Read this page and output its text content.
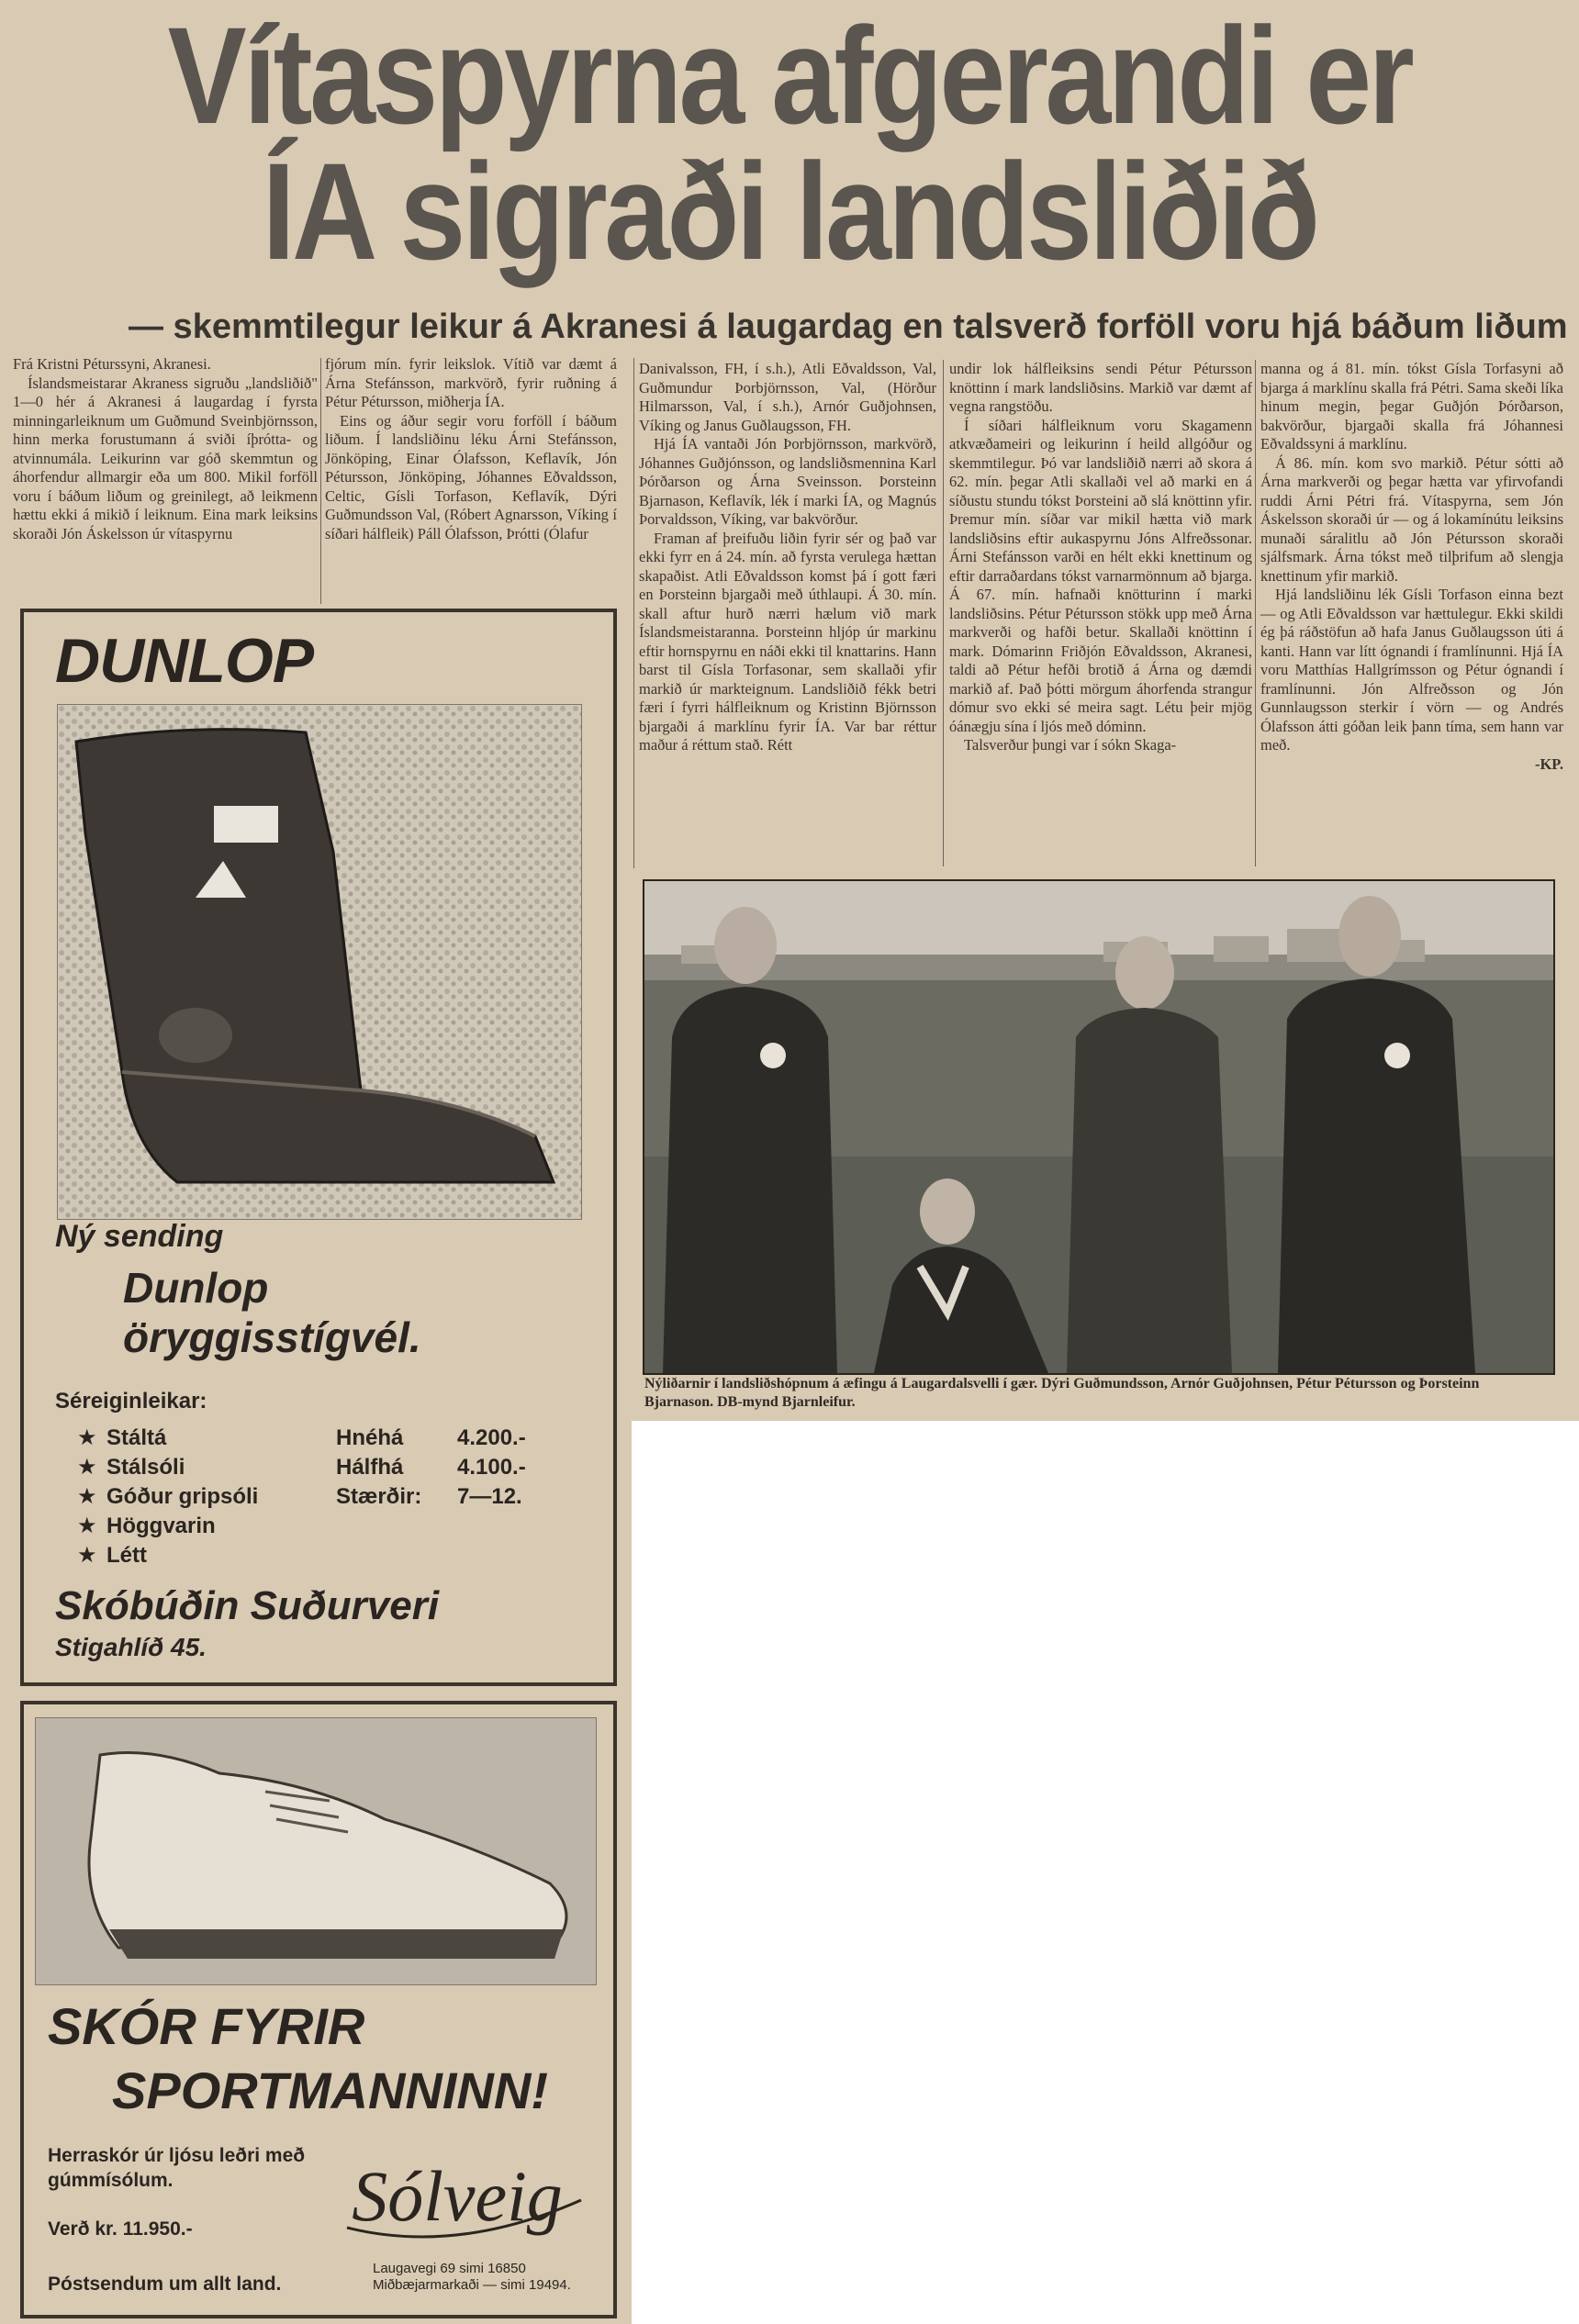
Vítaspyrna afgerandi er
ÍA sigraði landsliðið
— skemmtilegur leikur á Akranesi á laugardag en talsverð forföll voru hjá báðum liðum

Frá Kristni Péturssyni, Akranesi.

Íslandsmeistarar Akraness sigruðu „landsliðið" 1—0 hér á Akranesi á laugardag í fyrsta minningarleiknum um Guðmund Sveinbjörnsson, hinn merka forustumann á sviði íþrótta- og atvinnumála. Leikurinn var góð skemmtun og áhorfendur allmargir eða um 800. Mikil forföll voru í báðum liðum og greinilegt, að leikmenn hættu ekki á mikið í leiknum. Eina mark leiksins skoraði Jón Áskelsson úr vítaspyrnu

fjórum mín. fyrir leikslok. Vítið var dæmt á Árna Stefánsson, markvörð, fyrir ruðning á Pétur Pétursson, miðherja ÍA.

Eins og áður segir voru forföll í báðum liðum. Í landsliðinu léku Árni Stefánsson, Jönköping, Einar Ólafsson, Keflavík, Jón Pétursson, Jönköping, Jóhannes Eðvaldsson, Celtic, Gísli Torfason, Keflavík, Dýri Guðmundsson Val, (Róbert Agnarsson, Víking í síðari hálfleik) Páll Ólafsson, Þrótti (Ólafur

Danivalsson, FH, í s.h.), Atli Eðvaldsson, Val, Guðmundur Þorbjörnsson, Val, (Hörður Hilmarsson, Val, í s.h.), Arnór Guðjohnsen, Víking og Janus Guðlaugsson, FH.

Hjá ÍA vantaði Jón Þorbjörnsson, markvörð, Jóhannes Guðjónsson, og landsliðsmennina Karl Þórðarson og Árna Sveinsson. Þorsteinn Bjarnason, Keflavík, lék í marki ÍA, og Magnús Þorvaldsson, Víking, var bakvörður.

Framan af þreifuðu liðin fyrir sér og það var ekki fyrr en á 24. mín. að fyrsta verulega hættan skapaðist. Atli Eðvaldsson komst þá í gott færi en Þorsteinn bjargaði með úthlaupi. Á 30. mín. skall aftur hurð nærri hælum við mark Íslandsmeistaranna. Þorsteinn hljóp úr markinu eftir hornspyrnu en náði ekki til knattarins. Hann barst til Gísla Torfasonar, sem skallaði yfir markið úr markteignum. Landsliðið fékk betri færi í fyrri hálfleiknum og Kristinn Björnsson bjargaði á marklínu fyrir ÍA. Var bar réttur maður á réttum stað. Rétt

undir lok hálfleiksins sendi Pétur Pétursson knöttinn í mark landsliðsins. Markið var dæmt af vegna rangstöðu.

Í síðari hálfleiknum voru Skagamenn atkvæðameiri og leikurinn í heild allgóður og skemmtilegur. Þó var landsliðið nærri að skora á 62. mín. þegar Atli skallaði vel að marki en á síðustu stundu tókst Þorsteini að slá knöttinn yfir. Þremur mín. síðar var mikil hætta við mark landsliðsins eftir aukaspyrnu Jóns Alfreðssonar. Árni Stefánsson varði en hélt ekki knettinum og eftir darraðardans tókst varnarmönnum að bjarga. Á 67. mín. hafnaði knötturinn í marki landsliðsins. Pétur Pétursson stökk upp með Árna markverði og hafði betur. Skallaði knöttinn í mark. Dómarinn Friðjón Eðvaldsson, Akranesi, taldi að Pétur hefði brotið á Árna og dæmdi markið af. Það þótti mörgum áhorfenda strangur dómur svo ekki sé meira sagt. Létu þeir mjög óánægju sína í ljós með dóminn.

Talsverður þungi var í sókn Skaga-

manna og á 81. mín. tókst Gísla Torfasyni að bjarga á marklínu skalla frá Pétri. Sama skeði líka hinum megin, þegar Guðjón Þórðarson, bakvörður, bjargaði skalla frá Jóhannesi Eðvaldssyni á marklínu.

Á 86. mín. kom svo markið. Pétur sótti að Árna markverði og þegar hætta var yfirvofandi ruddi Árni Pétri frá. Vítaspyrna, sem Jón Áskelsson skoraði úr — og á lokamínútu leiksins munaði sáralitlu að Jón Pétursson skoraði sjálfsmark. Árna tókst með tilþrifum að slengja knettinum yfir markið.

Hjá landsliðinu lék Gísli Torfason einna bezt — og Atli Eðvaldsson var hættulegur. Ekki skildi ég þá ráðstöfun að hafa Janus Guðlaugsson úti á kanti. Hann var lítt ógnandi í framlínunni. Hjá ÍA voru Matthías Hallgrímsson og Pétur ógnandi í framlínunni. Jón Alfreðsson og Jón Gunnlaugsson sterkir í vörn — og Andrés Ólafsson átti góðan leik þann tíma, sem hann var með.

-KP.

Nýliðarnir í landsliðshópnum á æfingu á Laugardalsvelli í gær. Dýri Guðmundsson, Arnór Guðjohnsen, Pétur Pétursson og Þorsteinn Bjarnason. DB-mynd Bjarnleifur.
DUNLOP
Ný sending
Dunlop
öryggisstígvél.
Séreiginleikar:
★ Stáltá
★ Stálsóli
★ Góður gripsóli
★ Höggvarin
★ Létt
Hnéhá 4.200.-
Hálfhá 4.100.-
Stærðir: 7—12.
Skóbúðin Suðurveri
Stigahlíð 45.
SKÓR FYRIR
SPORTMANNINN!
Herraskór úr ljósu leðri með gúmmísólum.
Verð kr. 11.950.-
Póstsendum um allt land.
Sólveig
Laugavegi 69 simi 16850
Miðbæjarmarkaði — simi 19494.
